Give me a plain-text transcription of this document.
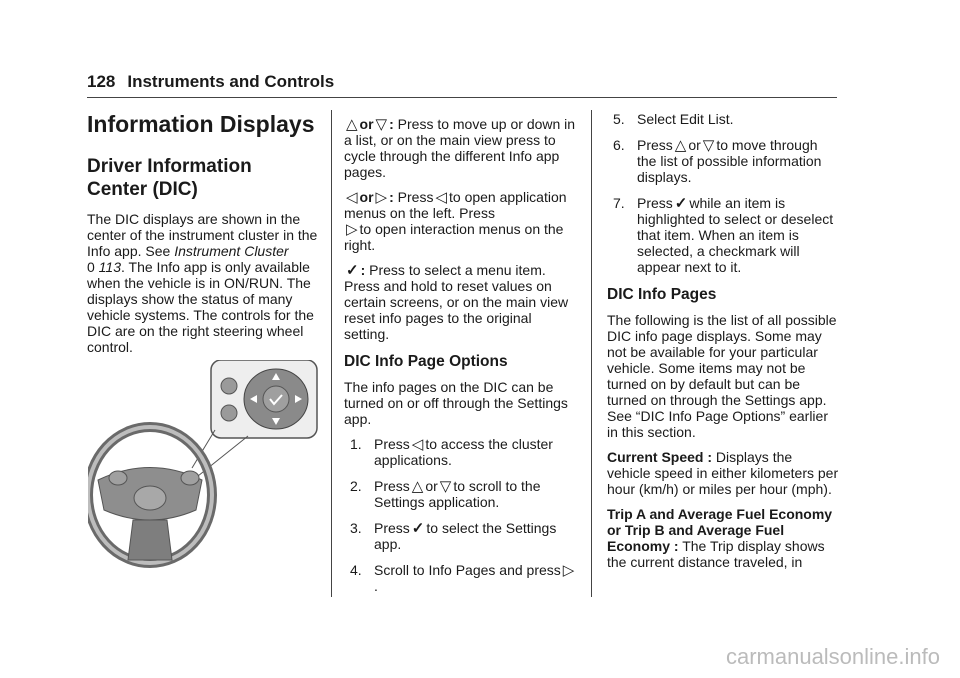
128 Instruments and Controls
Information Displays
Driver Information
Center (DIC)

The DIC displays are shown in the center of the instrument cluster in the Info app. See Instrument Cluster
0 113. The Info app is only available when the vehicle is in ON/RUN. The displays show the status of many vehicle systems. The controls for the DIC are on the right steering wheel control.

△ or ▽ : Press to move up or down in a list, or on the main view press to cycle through the different Info app pages.

◁ or ▷ : Press ◁ to open application menus on the left. Press
▷ to open interaction menus on the right.

✓ : Press to select a menu item. Press and hold to reset values on certain screens, or on the main view reset info pages to the original setting.

DIC Info Page Options

The info pages on the DIC can be turned on or off through the Settings app.

1. Press ◁ to access the cluster applications.
2. Press △ or ▽ to scroll to the Settings application.
3. Press ✓ to select the Settings app.
4. Scroll to Info Pages and press ▷.
5. Select Edit List.
6. Press △ or ▽ to move through the list of possible information displays.
7. Press ✓ while an item is highlighted to select or deselect that item. When an item is selected, a checkmark will appear next to it.
DIC Info Pages

The following is the list of all possible DIC info page displays. Some may not be available for your particular vehicle. Some items may not be turned on by default but can be turned on through the Settings app. See “DIC Info Page Options” earlier in this section.

Current Speed : Displays the vehicle speed in either kilometers per hour (km/h) or miles per hour (mph).

Trip A and Average Fuel Economy or Trip B and Average Fuel Economy : The Trip display shows the current distance traveled, in

carmanualsonline.info
